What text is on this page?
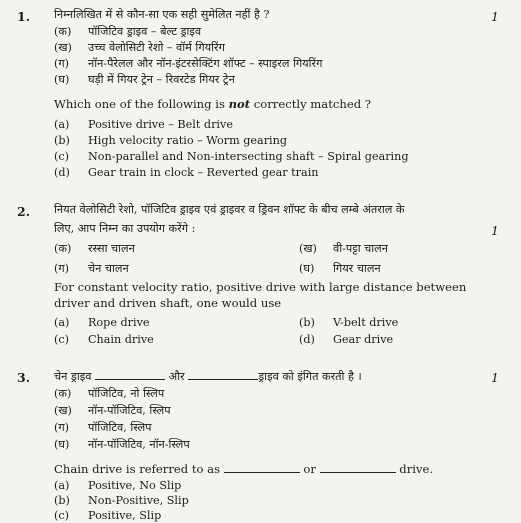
1.	1
निम्नलिखित में से कौन-सा एक सही सुमेलित नहीं है ?
(क) पॉजिटिव ड्राइव – बेल्ट ड्राइव
(ख) उच्च वेलोसिटी रेशो – वॉर्म गियरिंग
(ग) नॉन-पैरेलल और नॉन-इंटरसेक्टिंग शॉफ्ट – स्पाइरल गियरिंग
(घ) घड़ी में गियर ट्रेन – रिवरटेड गियर ट्रेन
Which one of the following is not correctly matched ?
(a) Positive drive – Belt drive
(b) High velocity ratio – Worm gearing
(c) Non-parallel and Non-intersecting shaft – Spiral gearing
(d) Gear train in clock – Reverted gear train
2.
1
नियत वेलोसिटी रेशो, पॉजिटिव ड्राइव एवं ड्राइवर व ड्रिवन शॉफ्ट के बीच लम्बे अंतराल के
लिए, आप निम्न का उपयोग करेंगे :
(क) रस्सा चालन	(ख) वी-पट्टा चालन
(ग) चेन चालन	(घ) गियर चालन
For constant velocity ratio, positive drive with large distance between
driver and driven shaft, one would use
(a) Rope drive	(b) V-belt drive
(c) Chain drive	(d) Gear drive
3.	1
चेन ड्राइव	और	ड्राइव को इंगित करती है ।
(क) पॉजिटिव, नो स्लिप
(ख) नॉन-पॉजिटिव, स्लिप
(ग) पॉजिटिव, स्लिप
(घ) नॉन-पॉजिटिव, नॉन-स्लिप
Chain drive is referred to as	or	drive.
(a) Positive, No Slip
(b) Non-Positive, Slip
(c) Positive, Slip
